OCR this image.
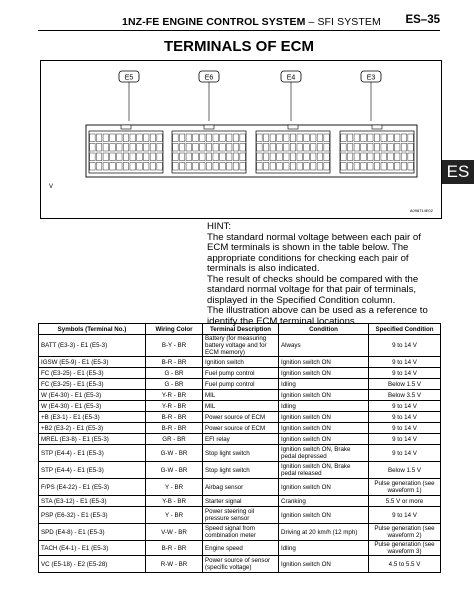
1NZ-FE ENGINE CONTROL SYSTEM – SFI SYSTEM ES–35
TERMINALS OF ECM
E5	E6	E4	E3
V
A098714E02
ES

HINT:

The standard normal voltage between each pair of ECM terminals is shown in the table below. The appropriate conditions for checking each pair of terminals is also indicated.

The result of checks should be compared with the standard normal voltage for that pair of terminals, displayed in the Specified Condition column.

The illustration above can be used as a reference to identify the ECM terminal locations.

Symbols (Terminal No.)	Wiring Color	Terminal Description	Condition	Specified Condition
BATT (E3-3) - E1 (E5-3)	B-Y - BR	Battery (for measuring battery voltage and for ECM memory)	Always	9 to 14 V
IGSW (E5-9) - E1 (E5-3)	B-R - BR	Ignition switch	Ignition switch ON	9 to 14 V
FC (E3-25) - E1 (E5-3)	G - BR	Fuel pump control	Ignition switch ON	9 to 14 V
FC (E3-25) - E1 (E5-3)	G - BR	Fuel pump control	Idling	Below 1.5 V
W (E4-30) - E1 (E5-3)	Y-R - BR	MIL	Ignition switch ON	Below 3.5 V
W (E4-30) - E1 (E5-3)	Y-R - BR	MIL	Idling	9 to 14 V
+B (E3-1) - E1 (E5-3)	B-R - BR	Power source of ECM	Ignition switch ON	9 to 14 V
+B2 (E3-2) - E1 (E5-3)	B-R - BR	Power source of ECM	Ignition switch ON	9 to 14 V
MREL (E3-8) - E1 (E5-3)	GR - BR	EFI relay	Ignition switch ON	9 to 14 V
STP (E4-4) - E1 (E5-3)	G-W - BR	Stop light switch	Ignition switch ON, Brake pedal depressed	9 to 14 V
STP (E4-4) - E1 (E5-3)	G-W - BR	Stop light switch	Ignition switch ON, Brake pedal released	Below 1.5 V
F/PS (E4-22) - E1 (E5-3)	Y - BR	Airbag sensor	Ignition switch ON	Pulse generation (see waveform 1)
STA (E3-12) - E1 (E5-3)	Y-B - BR	Starter signal	Cranking	5.5 V or more
PSP (E6-32) - E1 (E5-3)	Y - BR	Power steering oil pressure sensor	Ignition switch ON	9 to 14 V
SPD (E4-8) - E1 (E5-3)	V-W - BR	Speed signal from combination meter	Driving at 20 km/h (12 mph)	Pulse generation (see waveform 2)
TACH (E4-1) - E1 (E5-3)	B-R - BR	Engine speed	Idling	Pulse generation (see waveform 3)
VC (E5-18) - E2 (E5-28)	R-W - BR	Power source of sensor (specific voltage)	Ignition switch ON	4.5 to 5.5 V
